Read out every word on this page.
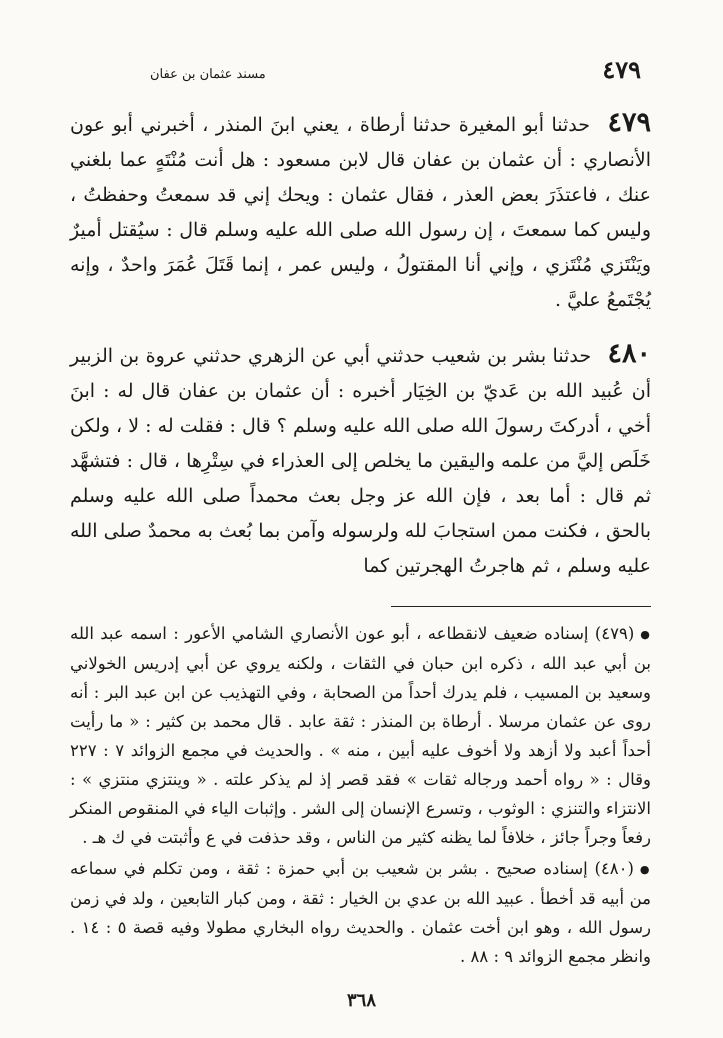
٤٧٩
مسند عثمان بن عفان

٤٧٩ حدثنا أبو المغيرة حدثنا أرطاة ، يعني ابنَ المنذر ، أخبرني أبو عون الأنصاري : أن عثمان بن عفان قال لابن مسعود : هل أنت مُنْتَهٍ عما بلغني عنك ، فاعتذَرَ بعض العذر ، فقال عثمان : ويحك إني قد سمعتُ وحفظتُ ، وليس كما سمعتَ ، إن رسول الله صلى الله عليه وسلم قال : سيُقتل أميرٌ ويَنْتَزي مُنْتَزي ، وإني أنا المقتولُ ، وليس عمر ، إنما قَتَلَ عُمَرَ واحدٌ ، وإنه يُجْتَمعُ عليَّ .

٤٨٠ حدثنا بشر بن شعيب حدثني أبي عن الزهري حدثني عروة بن الزبير أن عُبيد الله بن عَديّ بن الخِيَار أخبره : أن عثمان بن عفان قال له : ابنَ أخي ، أدركتَ رسولَ الله صلى الله عليه وسلم ؟ قال : فقلت له : لا ، ولكن خَلَص إليَّ من علمه واليقين ما يخلص إلى العذراء في سِتْرِها ، قال : فتشهَّد ثم قال : أما بعد ، فإن الله عز وجل بعث محمداً صلى الله عليه وسلم بالحق ، فكنت ممن استجابَ لله ولرسوله وآمن بما بُعث به محمدٌ صلى الله عليه وسلم ، ثم هاجرتُ الهجرتين كما

●(٤٧٩) إسناده ضعيف لانقطاعه ، أبو عون الأنصاري الشامي الأعور : اسمه عبد الله بن أبي عبد الله ، ذكره ابن حبان في الثقات ، ولكنه يروي عن أبي إدريس الخولاني وسعيد بن المسيب ، فلم يدرك أحداً من الصحابة ، وفي التهذيب عن ابن عبد البر : أنه روى عن عثمان مرسلا . أرطاة بن المنذر : ثقة عابد . قال محمد بن كثير : « ما رأيت أحداً أعبد ولا أزهد ولا أخوف عليه أبين ، منه » . والحديث في مجمع الزوائد ٧ : ٢٢٧ وقال : « رواه أحمد ورجاله ثقات » فقد قصر إذ لم يذكر علته . « وينتزي منتزي » : الانتزاء والتنزي : الوثوب ، وتسرع الإنسان إلى الشر . وإثبات الياء في المنقوص المنكر رفعاً وجراً جائز ، خلافاً لما يظنه كثير من الناس ، وقد حذفت في ع وأثبتت في ك هـ .

●(٤٨٠) إسناده صحيح . بشر بن شعيب بن أبي حمزة : ثقة ، ومن تكلم في سماعه من أبيه قد أخطأ . عبيد الله بن عدي بن الخيار : ثقة ، ومن كبار التابعين ، ولد في زمن رسول الله ، وهو ابن أخت عثمان . والحديث رواه البخاري مطولا وفيه قصة ٥ : ١٤ . وانظر مجمع الزوائد ٩ : ٨٨ .

٣٦٨
